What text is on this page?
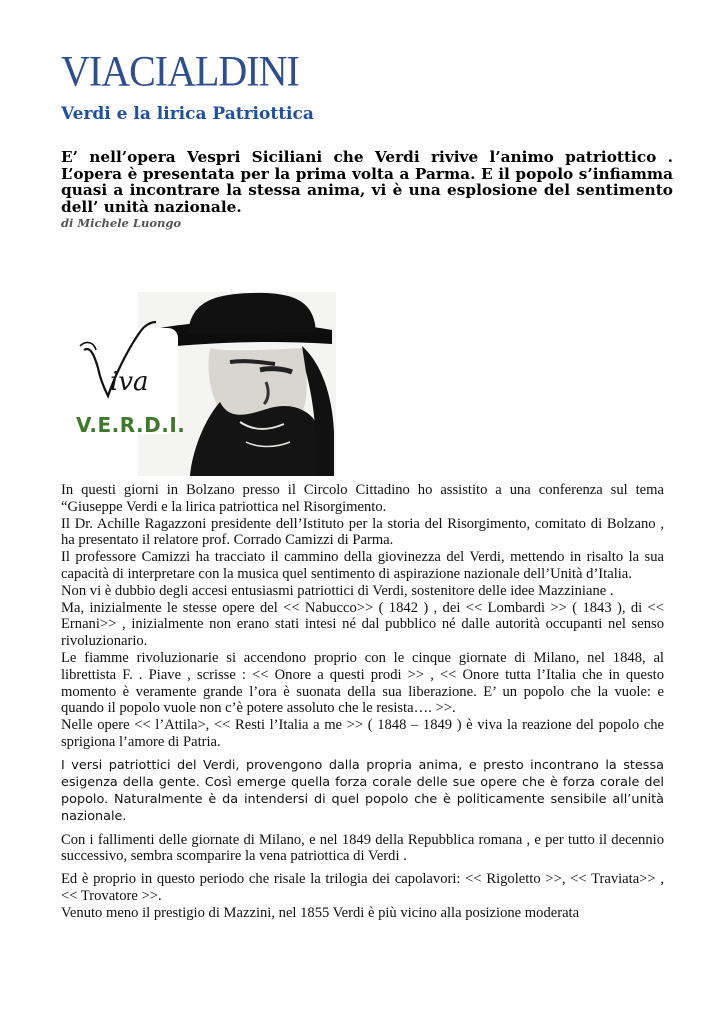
VIACIALDINI
Verdi e la lirica Patriottica
E’ nell’opera Vespri Siciliani che Verdi rivive l’animo patriottico . L’opera è presentata per la prima volta a Parma. E il popolo s’infiamma quasi a incontrare la stessa anima, vi è una esplosione del sentimento dell’ unità nazionale.
di Michele Luongo
iva
V.E.R.D.I.

In questi giorni in Bolzano presso il Circolo Cittadino ho assistito a una conferenza sul tema “Giuseppe Verdi e la lirica patriottica nel Risorgimento.

Il Dr. Achille Ragazzoni presidente dell’Istituto per la storia del Risorgimento, comitato di Bolzano , ha presentato il relatore prof. Corrado Camizzi di Parma.

Il professore Camizzi ha tracciato il cammino della giovinezza del Verdi, mettendo in risalto la sua capacità di interpretare con la musica quel sentimento di aspirazione nazionale dell’Unità d’Italia.

Non vi è dubbio degli accesi entusiasmi patriottici di Verdi, sostenitore delle idee Mazziniane .

Ma, inizialmente le stesse opere del << Nabucco>> ( 1842 ) , dei << Lombardi >> ( 1843 ), di << Ernani>> , inizialmente non erano stati intesi né dal pubblico né dalle autorità occupanti nel senso rivoluzionario.

Le fiamme rivoluzionarie si accendono proprio con le cinque giornate di Milano, nel 1848, al librettista F. . Piave , scrisse : << Onore a questi prodi >> , << Onore tutta l’Italia che in questo momento è veramente grande l’ora è suonata della sua liberazione. E’ un popolo che la vuole: e quando il popolo vuole non c’è potere assoluto che le resista…. >>.

Nelle opere << l’Attila>, << Resti l’Italia a me >> ( 1848 – 1849 ) è viva la reazione del popolo che sprigiona l’amore di Patria.

I versi patriottici del Verdi, provengono dalla propria anima, e presto incontrano la stessa esigenza della gente. Così emerge quella forza corale delle sue opere che è forza corale del popolo. Naturalmente è da intendersi di quel popolo che è politicamente sensibile all’unità nazionale.

Con i fallimenti delle giornate di Milano, e nel 1849 della Repubblica romana , e per tutto il decennio successivo, sembra scomparire la vena patriottica di Verdi .

Ed è proprio in questo periodo che risale la trilogia dei capolavori: << Rigoletto >>, << Traviata>> , << Trovatore >>.

Venuto meno il prestigio di Mazzini, nel 1855 Verdi è più vicino alla posizione moderata
